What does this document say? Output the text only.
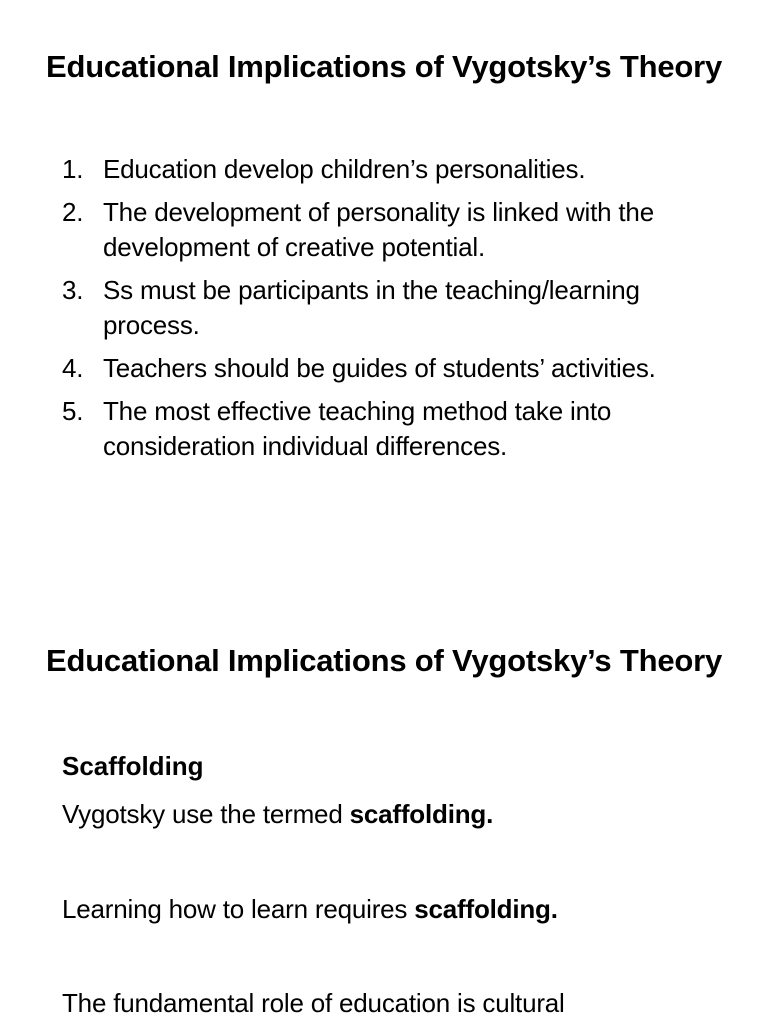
Educational Implications of Vygotsky’s Theory
1. Education develop children’s personalities.
2. The development of personality is linked with the development of creative potential.
3. Ss must be participants in the teaching/learning process.
4. Teachers should be guides of students’ activities.
5. The most effective teaching method take into consideration individual differences.
Educational Implications of Vygotsky’s Theory
Scaffolding
Vygotsky use the termed scaffolding.
Learning how to learn requires scaffolding.
The fundamental role of education is cultural
